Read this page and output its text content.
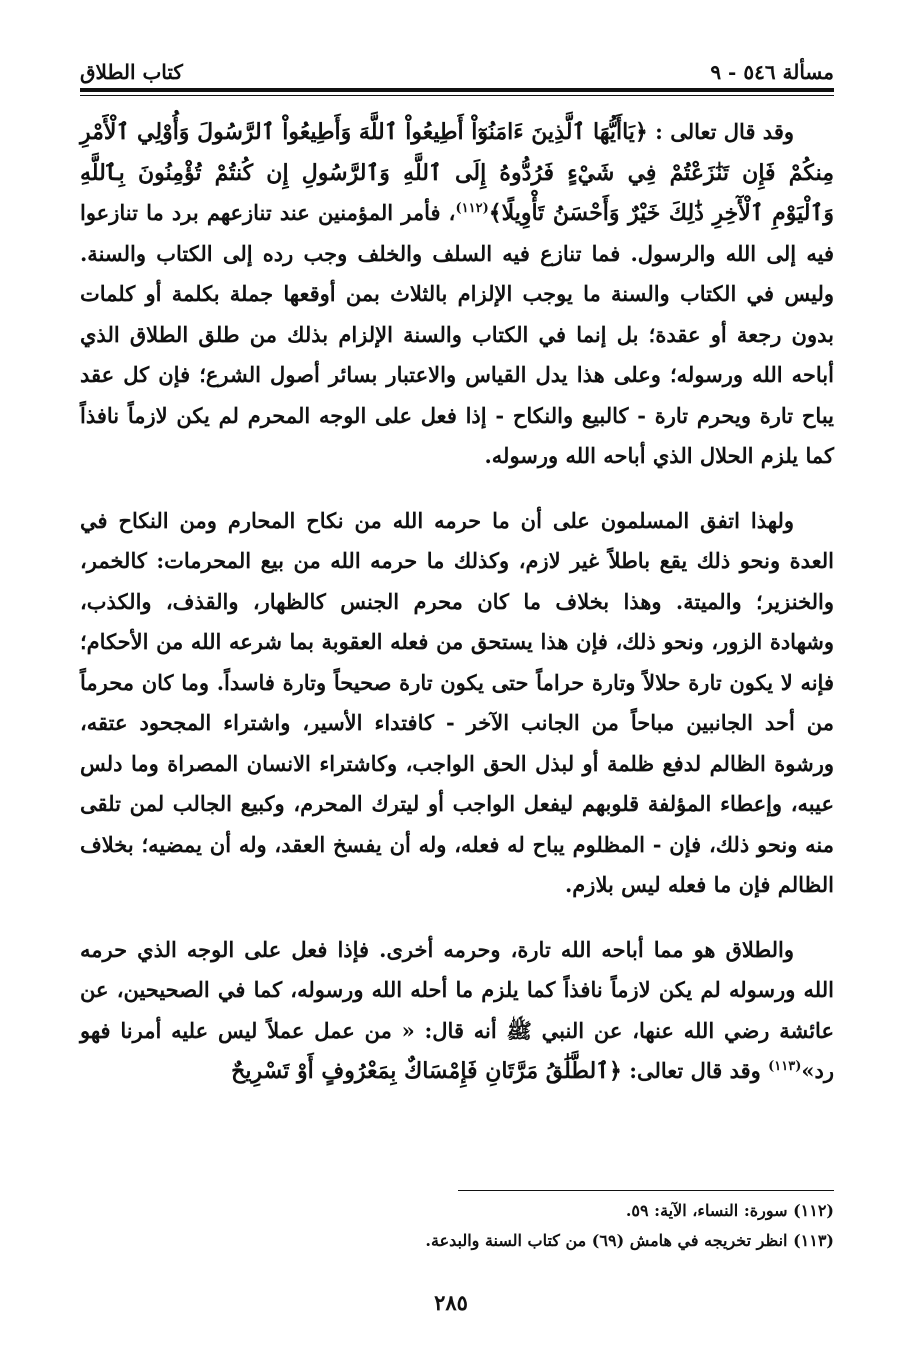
مسألة ٥٤٦ - ٩
كتاب الطلاق

وقد قال تعالى : ﴿يَاأَيُّهَا ٱلَّذِينَ ءَامَنُوٓاْ أَطِيعُواْ ٱللَّهَ وَأَطِيعُواْ ٱلرَّسُولَ وَأُوْلِي ٱلْأَمْرِ مِنكُمْ فَإِن تَنَٰزَعْتُمْ فِي شَيْءٍ فَرُدُّوهُ إِلَى ٱللَّهِ وَٱلرَّسُولِ إِن كُنتُمْ تُؤْمِنُونَ بِٱللَّهِ وَٱلْيَوْمِ ٱلْأٓخِرِ ذَٰلِكَ خَيْرٌ وَأَحْسَنُ تَأْوِيلًا﴾$^{(١١٢)}$، فأمر المؤمنين عند تنازعهم برد ما تنازعوا فيه إلى الله والرسول. فما تنازع فيه السلف والخلف وجب رده إلى الكتاب والسنة. وليس في الكتاب والسنة ما يوجب الإلزام بالثلاث بمن أوقعها جملة بكلمة أو كلمات بدون رجعة أو عقدة؛ بل إنما في الكتاب والسنة الإلزام بذلك من طلق الطلاق الذي أباحه الله ورسوله؛ وعلى هذا يدل القياس والاعتبار بسائر أصول الشرع؛ فإن كل عقد يباح تارة ويحرم تارة - كالبيع والنكاح - إذا فعل على الوجه المحرم لم يكن لازماً نافذاً كما يلزم الحلال الذي أباحه الله ورسوله.

ولهذا اتفق المسلمون على أن ما حرمه الله من نكاح المحارم ومن النكاح في العدة ونحو ذلك يقع باطلاً غير لازم، وكذلك ما حرمه الله من بيع المحرمات: كالخمر، والخنزير؛ والميتة. وهذا بخلاف ما كان محرم الجنس كالظهار، والقذف، والكذب، وشهادة الزور، ونحو ذلك، فإن هذا يستحق من فعله العقوبة بما شرعه الله من الأحكام؛ فإنه لا يكون تارة حلالاً وتارة حراماً حتى يكون تارة صحيحاً وتارة فاسداً. وما كان محرماً من أحد الجانبين مباحاً من الجانب الآخر - كافتداء الأسير، واشتراء المجحود عتقه، ورشوة الظالم لدفع ظلمة أو لبذل الحق الواجب، وكاشتراء الانسان المصراة وما دلس عيبه، وإعطاء المؤلفة قلوبهم ليفعل الواجب أو ليترك المحرم، وكبيع الجالب لمن تلقى منه ونحو ذلك، فإن - المظلوم يباح له فعله، وله أن يفسخ العقد، وله أن يمضيه؛ بخلاف الظالم فإن ما فعله ليس بلازم.

والطلاق هو مما أباحه الله تارة، وحرمه أخرى. فإذا فعل على الوجه الذي حرمه الله ورسوله لم يكن لازماً نافذاً كما يلزم ما أحله الله ورسوله، كما في الصحيحين، عن عائشة رضي الله عنها، عن النبي ﷺ أنه قال: « من عمل عملاً ليس عليه أمرنا فهو رد»$^{(١١٣)}$ وقد قال تعالى: ﴿ٱلطَّلَٰقُ مَرَّتَانِ فَإِمْسَاكٌ بِمَعْرُوفٍ أَوْ تَسْرِيحٌ

(١١٢) سورة: النساء، الآية: ٥٩.
(١١٣) انظر تخريجه في هامش (٦٩) من كتاب السنة والبدعة.
٢٨٥
